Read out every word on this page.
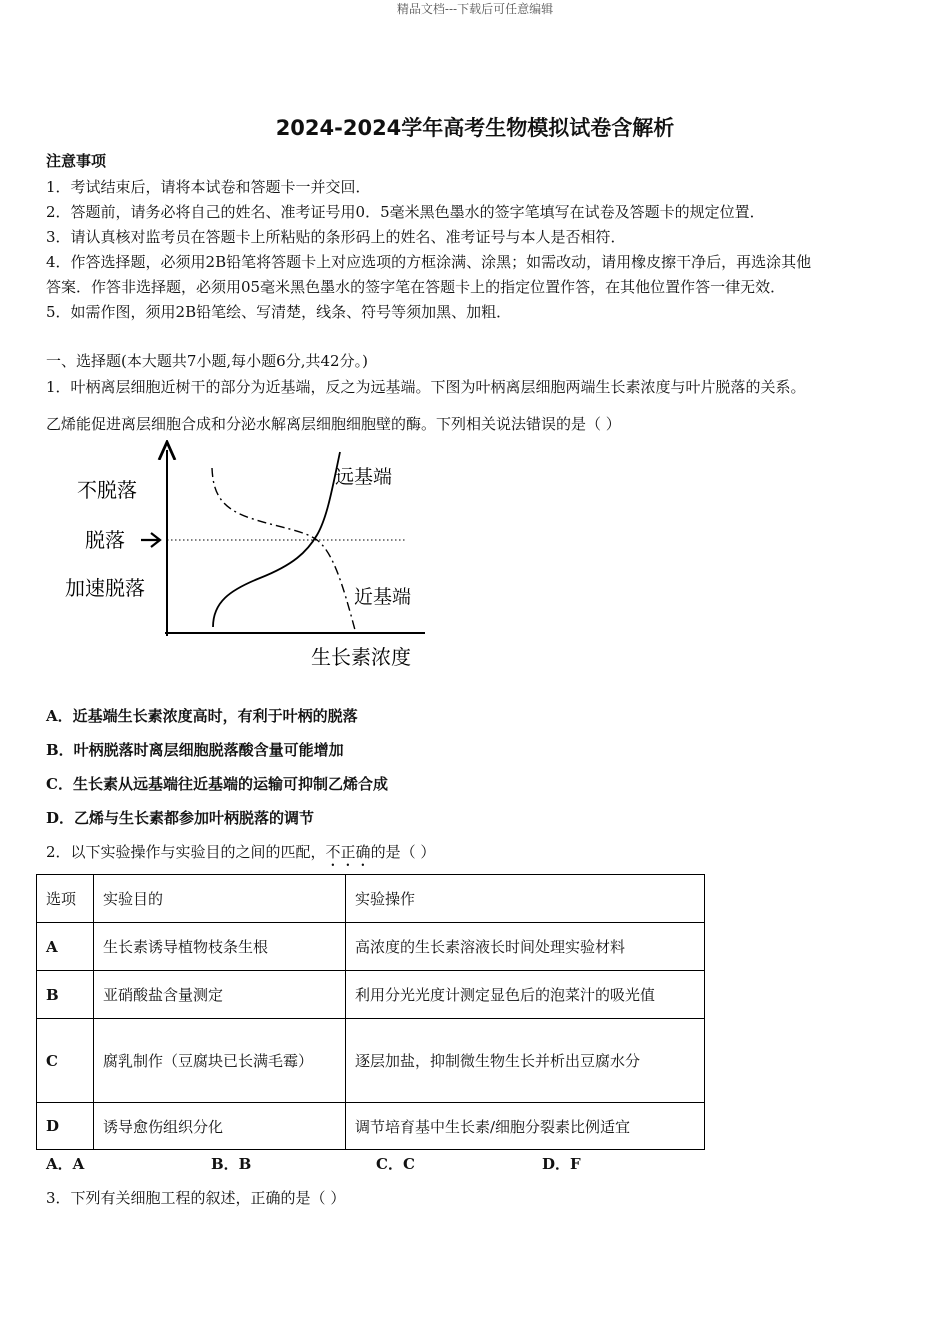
精品文档---下载后可任意编辑
2024-2024学年高考生物模拟试卷含解析
注意事项
1．考试结束后，请将本试卷和答题卡一并交回．
2．答题前，请务必将自己的姓名、准考证号用0．5毫米黑色墨水的签字笔填写在试卷及答题卡的规定位置．
3．请认真核对监考员在答题卡上所粘贴的条形码上的姓名、准考证号与本人是否相符．
4．作答选择题，必须用2B铅笔将答题卡上对应选项的方框涂满、涂黑；如需改动，请用橡皮擦干净后，再选涂其他
答案．作答非选择题，必须用05毫米黑色墨水的签字笔在答题卡上的指定位置作答，在其他位置作答一律无效．
5．如需作图，须用2B铅笔绘、写清楚，线条、符号等须加黑、加粗．
一、选择题(本大题共7小题,每小题6分,共42分。)
1．叶柄离层细胞近树干的部分为近基端，反之为远基端。下图为叶柄离层细胞两端生长素浓度与叶片脱落的关系。
乙烯能促进离层细胞合成和分泌水解离层细胞细胞壁的酶。下列相关说法错误的是（ ）
不脱落
脱落
加速脱落
远基端
近基端
生长素浓度
A．近基端生长素浓度高时，有利于叶柄的脱落
B．叶柄脱落时离层细胞脱落酸含量可能增加
C．生长素从远基端往近基端的运输可抑制乙烯合成
D．乙烯与生长素都参加叶柄脱落的调节
2．以下实验操作与实验目的之间的匹配，不正确的是（ ）
选项	实验目的	实验操作
A	生长素诱导植物枝条生根	高浓度的生长素溶液长时间处理实验材料
B	亚硝酸盐含量测定	利用分光光度计测定显色后的泡菜汁的吸光值
C	腐乳制作（豆腐块已长满毛霉）	逐层加盐，抑制微生物生长并析出豆腐水分
D	诱导愈伤组织分化	调节培育基中生长素/细胞分裂素比例适宜
A．A	B．B	C．C	D．F
3．下列有关细胞工程的叙述，正确的是（ ）
